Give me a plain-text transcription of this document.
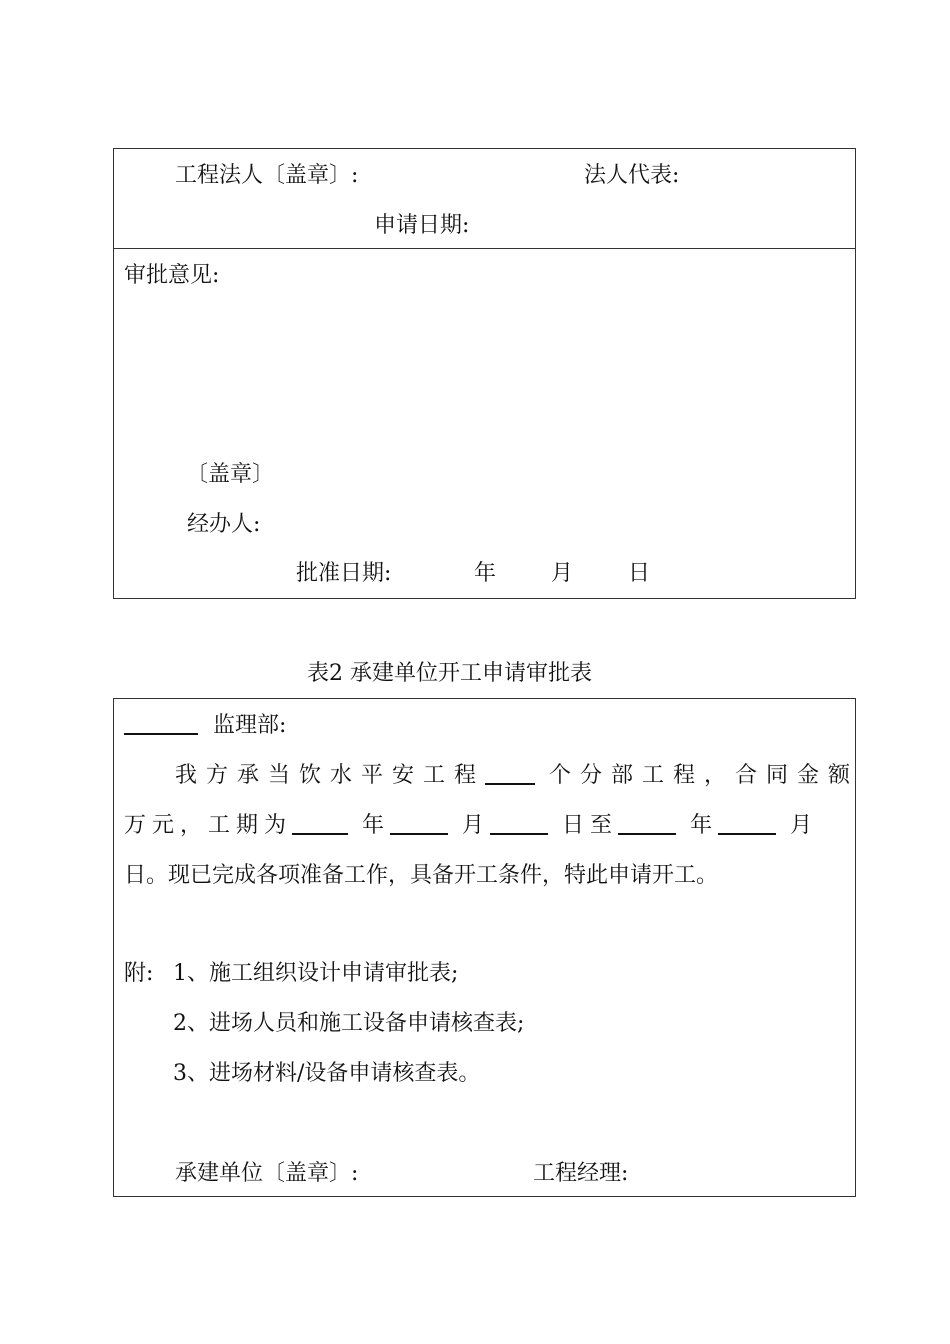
工程法人〔盖章〕:	法人代表:
申请日期:
审批意见:
〔盖章〕
经办人:
批准日期:	年 月 日
表2 承建单位开工申请审批表
监理部:
我方承当饮水平安工程	个分部工程，合同金额
万元，工期为	年	月	日至	年	月
日。现已完成各项准备工作，具备开工条件，特此申请开工。
附: 1、施工组织设计申请审批表;
2、进场人员和施工设备申请核查表;
3、进场材料/设备申请核查表。
承建单位〔盖章〕:	工程经理:
